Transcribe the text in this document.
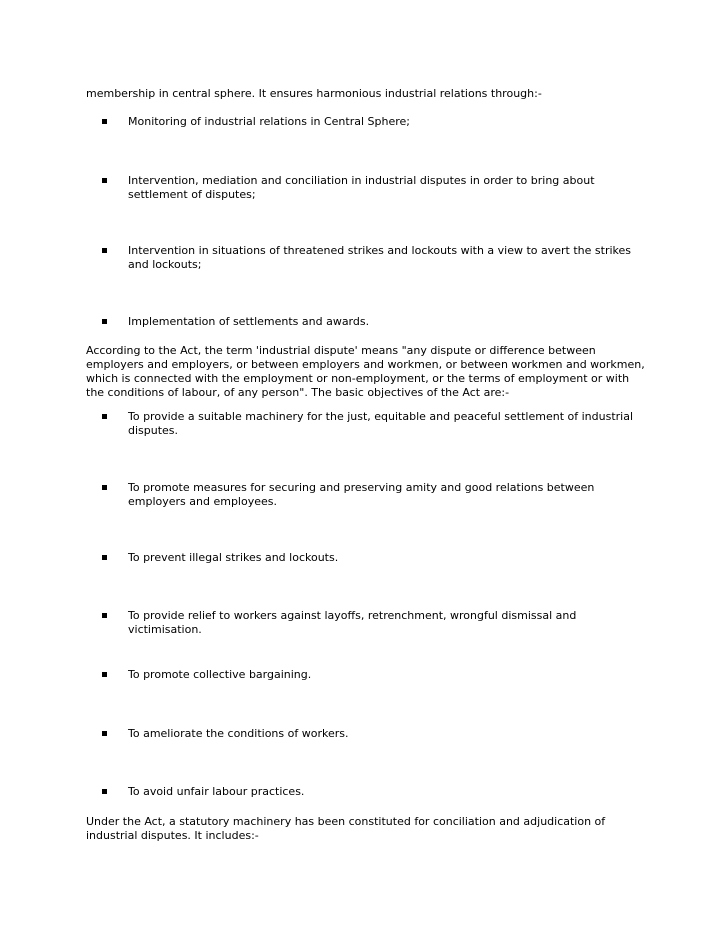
membership in central sphere. It ensures harmonious industrial relations through:-

Monitoring of industrial relations in Central Sphere;
Intervention, mediation and conciliation in industrial disputes in order to bring about settlement of disputes;
Intervention in situations of threatened strikes and lockouts with a view to avert the strikes and lockouts;
Implementation of settlements and awards.

According to the Act, the term 'industrial dispute' means "any dispute or difference between employers and employers, or between employers and workmen, or between workmen and workmen, which is connected with the employment or non-employment, or the terms of employment or with the conditions of labour, of any person". The basic objectives of the Act are:-

To provide a suitable machinery for the just, equitable and peaceful settlement of industrial disputes.
To promote measures for securing and preserving amity and good relations between employers and employees.
To prevent illegal strikes and lockouts.
To provide relief to workers against layoffs, retrenchment, wrongful dismissal and victimisation.
To promote collective bargaining.
To ameliorate the conditions of workers.
To avoid unfair labour practices.

Under the Act, a statutory machinery has been constituted for conciliation and adjudication of industrial disputes. It includes:-
